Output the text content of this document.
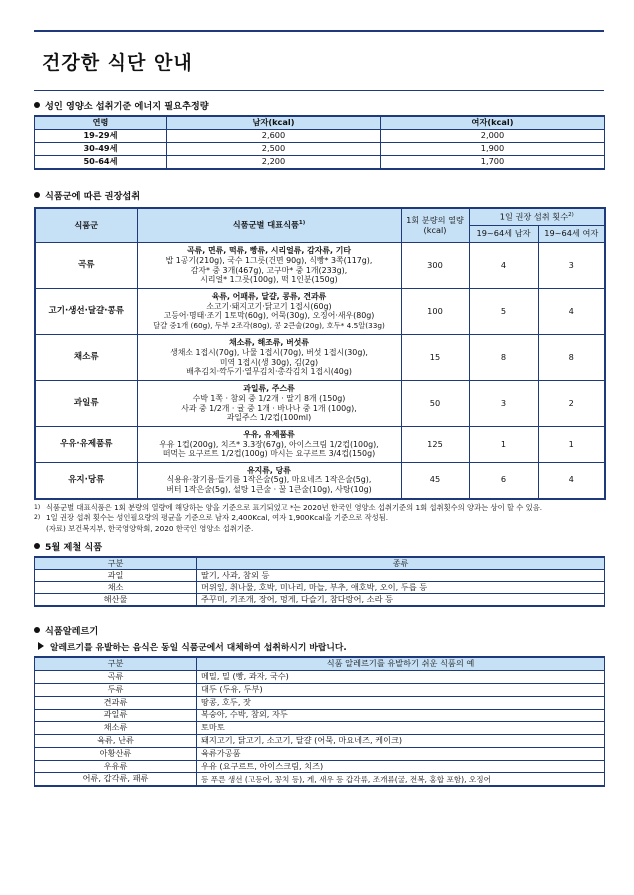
건강한 식단 안내
성인 영양소 섭취기준 에너지 필요추정량
연령	남자(kcal)	여자(kcal)
19-29세	2,600	2,000
30-49세	2,500	1,900
50-64세	2,200	1,700
식품군에 따른 권장섭취
식품군	식품군별 대표식품$^{1)}$	1회 분량의 열량(kcal)	1일 권장 섭취 횟수$^{2)}$
			19~64세 남자	19~64세 여자
곡류	곡류, 면류, 떡류, 빵류, 시리얼류, 감자류, 기타
밥 1공기(210g), 국수 1그릇(건면 90g), 식빵* 3쪽(117g),
감자* 중 3개(467g), 고구마* 중 1개(233g),
시리얼* 1그릇(100g), 떡 1인분(150g)	300	4	3
고기·생선·달걀·콩류	육류, 어패류, 달걀, 콩류, 견과류
소고기·돼지고기·닭고기 1접시(60g)
고등어·명태·조기 1토막(60g), 어묵(30g), 오징어·새우(80g)
달걀 중1개 (60g), 두부 2조각(80g), 콩 2큰술(20g), 호두* 4.5알(33g)	100	5	4
채소류	채소류, 해조류, 버섯류
생채소 1접시(70g), 나물 1접시(70g), 버섯 1접시(30g),
미역 1접시(생 30g), 김(2g)
배추김치·깍두기·열무김치·총각김치 1접시(40g)	15	8	8
과일류	과일류, 주스류
수박 1쪽 · 참외 중 1/2개 · 딸기 8개 (150g)
사과 중 1/2개 · 귤 중 1개 · 바나나 중 1개 (100g),
과일주스 1/2컵(100ml)	50	3	2
우유·유제품류	우유, 유제품류
우유 1컵(200g), 치즈* 3.3장(67g), 아이스크림 1/2컵(100g),
떠먹는 요구르트 1/2컵(100g) 마시는 요구르트 3/4컵(150g)	125	1	1
유지·당류	유지류, 당류
식용유·참기름·들기름 1작은술(5g), 마요네즈 1작은술(5g),
버터 1작은술(5g), 설탕 1큰술 · 꿀 1큰술(10g), 사탕(10g)	45	6	4
1) 식품군별 대표식품은 1회 분량의 열량에 해당하는 양을 기준으로 표기되었고 *는 2020년 한국인 영양소 섭취기준의 1회 섭취횟수의 양과는 상이 할 수 있음.
2) 1일 권장 섭취 횟수는 성인필요량의 평균을 기준으로 남자 2,400Kcal, 여자 1,900Kcal을 기준으로 작성됨.
(자료) 보건복지부, 한국영양학회, 2020 한국인 영양소 섭취기준.
5월 제철 식품
구분	종류
과일	딸기, 사과, 참외 등
채소	머위잎, 취나물, 호박, 미나리, 마늘, 부추, 애호박, 오이, 두릅 등
해산물	주꾸미, 키조개, 장어, 멍게, 다슬기, 참다랑어, 소라 등
식품알레르기
알레르기를 유발하는 음식은 동일 식품군에서 대체하여 섭취하시기 바랍니다.
구분	식품 알레르기를 유발하기 쉬운 식품의 예
곡류	메밀, 밀 (빵, 과자, 국수)
두류	대두 (두유, 두부)
견과류	땅콩, 호두, 잣
과일류	복숭아, 수박, 참외, 자두
채소류	토마토
육류, 난류	돼지고기, 닭고기, 소고기, 달걀 (어묵, 마요네즈, 케이크)
아황산류	육류가공품
우유류	우유 (요구르트, 아이스크림, 치즈)
어류, 갑각류, 패류	등 푸른 생선 (고등어, 꽁치 등), 게, 새우 등 갑각류, 조개류(굴, 전복, 홍합 포함), 오징어
